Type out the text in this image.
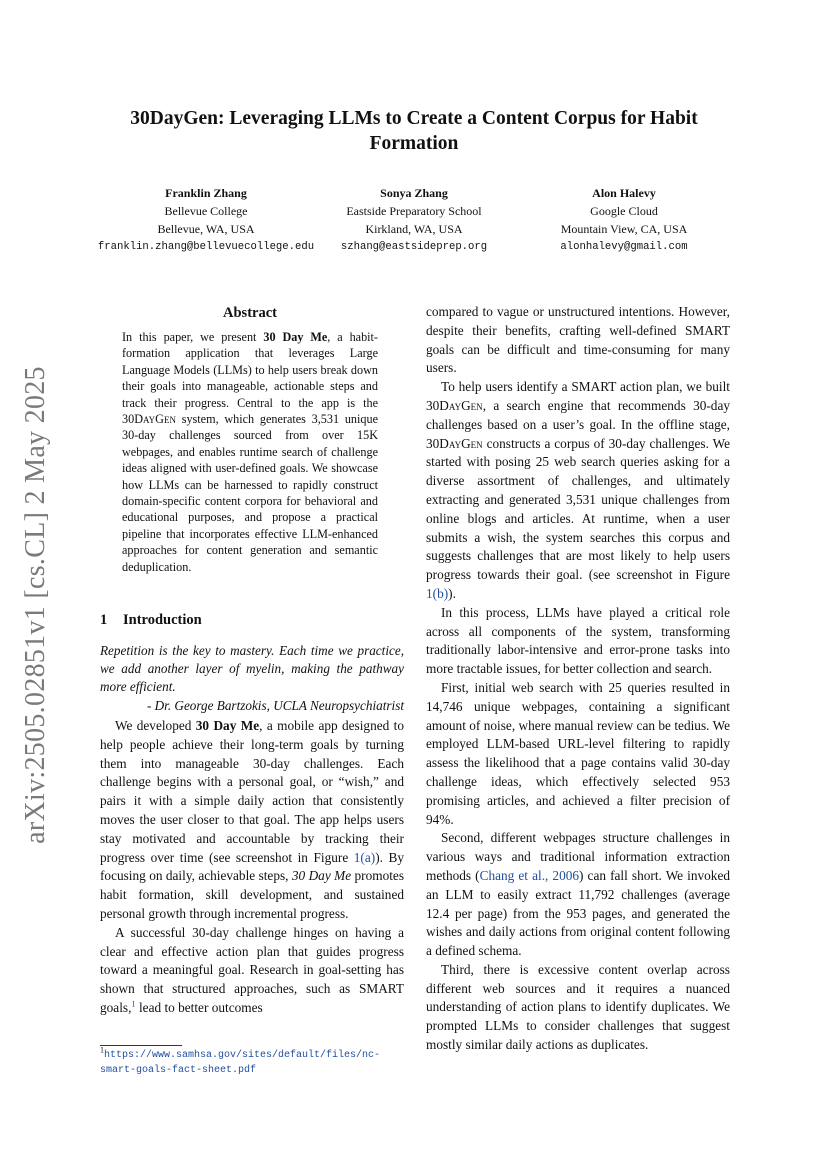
arXiv:2505.02851v1 [cs.CL] 2 May 2025
30DayGen: Leveraging LLMs to Create a Content Corpus for Habit Formation
Franklin Zhang
Bellevue College
Bellevue, WA, USA
franklin.zhang@bellevuecollege.edu
Sonya Zhang
Eastside Preparatory School
Kirkland, WA, USA
szhang@eastsideprep.org
Alon Halevy
Google Cloud
Mountain View, CA, USA
alonhalevy@gmail.com
Abstract

In this paper, we present 30 Day Me, a habit-formation application that leverages Large Language Models (LLMs) to help users break down their goals into manageable, actionable steps and track their progress. Central to the app is the 30DayGen system, which generates 3,531 unique 30-day challenges sourced from over 15K webpages, and enables runtime search of challenge ideas aligned with user-defined goals. We showcase how LLMs can be harnessed to rapidly construct domain-specific content corpora for behavioral and educational purposes, and propose a practical pipeline that incorporates effective LLM-enhanced approaches for content generation and semantic deduplication.

1 Introduction

Repetition is the key to mastery. Each time we practice, we add another layer of myelin, making the pathway more efficient.

- Dr. George Bartzokis, UCLA Neuropsychiatrist

We developed 30 Day Me, a mobile app designed to help people achieve their long-term goals by turning them into manageable 30-day challenges. Each challenge begins with a personal goal, or “wish,” and pairs it with a simple daily action that consistently moves the user closer to that goal. The app helps users stay motivated and accountable by tracking their progress over time (see screenshot in Figure 1(a)). By focusing on daily, achievable steps, 30 Day Me promotes habit formation, skill development, and sustained personal growth through incremental progress.

A successful 30-day challenge hinges on having a clear and effective action plan that guides progress toward a meaningful goal. Research in goal-setting has shown that structured approaches, such as SMART goals,$^1$ lead to better outcomes

$^1$https://www.samhsa.gov/sites/default/files/nc-smart-goals-fact-sheet.pdf

compared to vague or unstructured intentions. However, despite their benefits, crafting well-defined SMART goals can be difficult and time-consuming for many users.

To help users identify a SMART action plan, we built 30DayGen, a search engine that recommends 30-day challenges based on a user’s goal. In the offline stage, 30DayGen constructs a corpus of 30-day challenges. We started with posing 25 web search queries asking for a diverse assortment of challenges, and ultimately extracting and generated 3,531 unique challenges from online blogs and articles. At runtime, when a user submits a wish, the system searches this corpus and suggests challenges that are most likely to help users progress towards their goal. (see screenshot in Figure 1(b)).

In this process, LLMs have played a critical role across all components of the system, transforming traditionally labor-intensive and error-prone tasks into more tractable issues, for better collection and search.

First, initial web search with 25 queries resulted in 14,746 unique webpages, containing a significant amount of noise, where manual review can be tedius. We employed LLM-based URL-level filtering to rapidly assess the likelihood that a page contains valid 30-day challenge ideas, which effectively selected 953 promising articles, and achieved a filter precision of 94%.

Second, different webpages structure challenges in various ways and traditional information extraction methods (Chang et al., 2006) can fall short. We invoked an LLM to easily extract 11,792 challenges (average 12.4 per page) from the 953 pages, and generated the wishes and daily actions from original content following a defined schema.

Third, there is excessive content overlap across different web sources and it requires a nuanced understanding of action plans to identify duplicates. We prompted LLMs to consider challenges that suggest mostly similar daily actions as duplicates.
